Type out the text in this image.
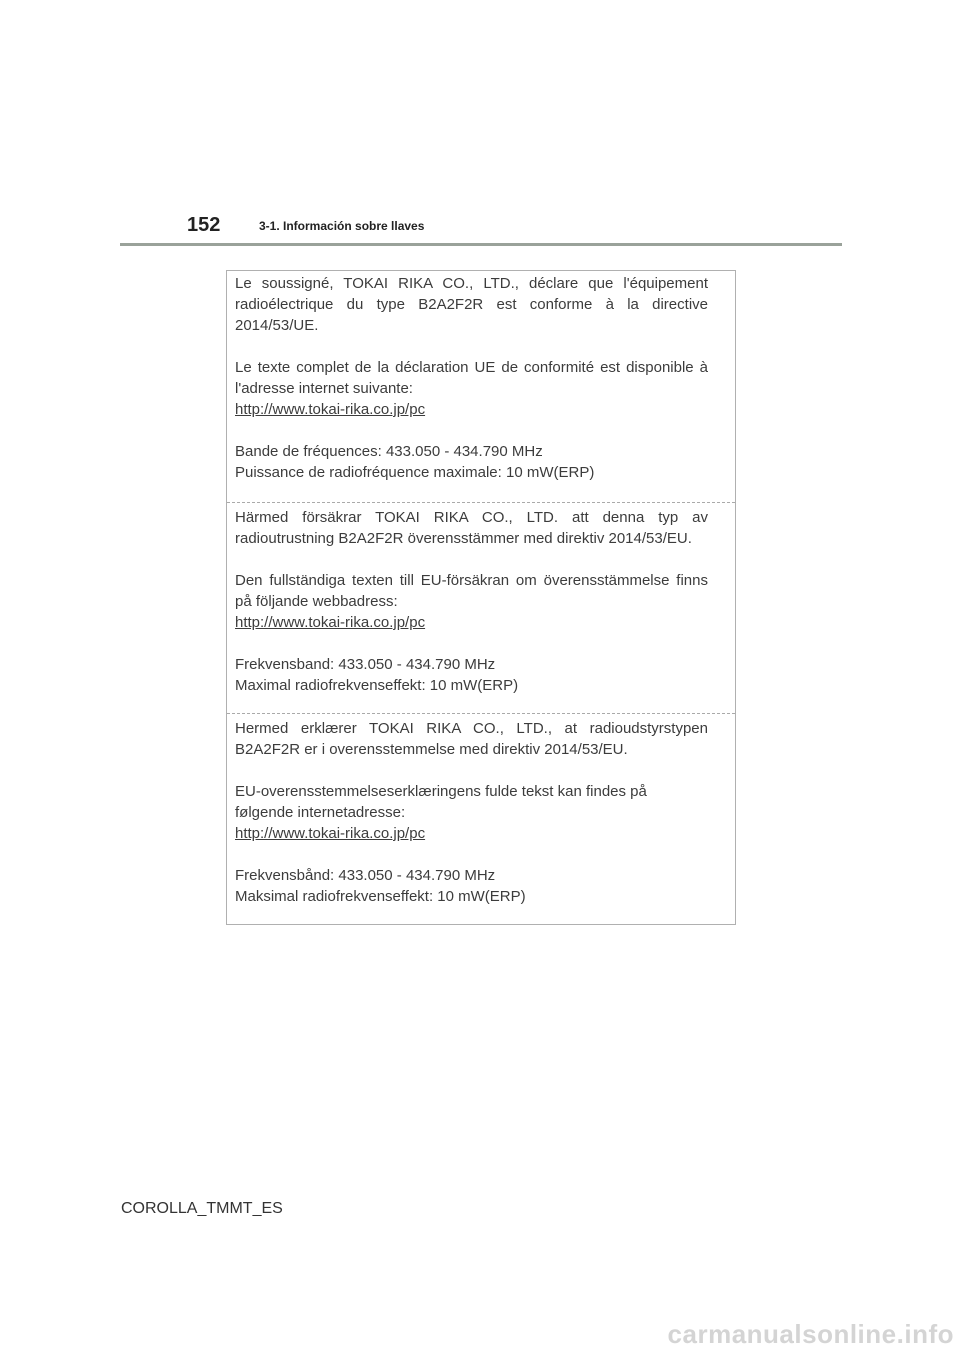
152	3-1. Información sobre llaves

Le soussigné, TOKAI RIKA CO., LTD., déclare que l'équipement

radioélectrique du type B2A2F2R est conforme à la directive

2014/53/UE.

Le texte complet de la déclaration UE de conformité est disponible à

l'adresse internet suivante:

http://www.tokai-rika.co.jp/pc

Bande de fréquences: 433.050 - 434.790 MHz

Puissance de radiofréquence maximale: 10 mW(ERP)

Härmed försäkrar TOKAI RIKA CO., LTD. att denna typ av

radioutrustning B2A2F2R överensstämmer med direktiv 2014/53/EU.

Den fullständiga texten till EU-försäkran om överensstämmelse finns

på följande webbadress:

http://www.tokai-rika.co.jp/pc

Frekvensband: 433.050 - 434.790 MHz

Maximal radiofrekvenseffekt: 10 mW(ERP)

Hermed erklærer TOKAI RIKA CO., LTD., at radioudstyrstypen

B2A2F2R er i overensstemmelse med direktiv 2014/53/EU.

EU-overensstemmelseserklæringens fulde tekst kan findes på

følgende internetadresse:

http://www.tokai-rika.co.jp/pc

Frekvensbånd: 433.050 - 434.790 MHz

Maksimal radiofrekvenseffekt: 10 mW(ERP)

COROLLA_TMMT_ES
carmanualsonline.info
